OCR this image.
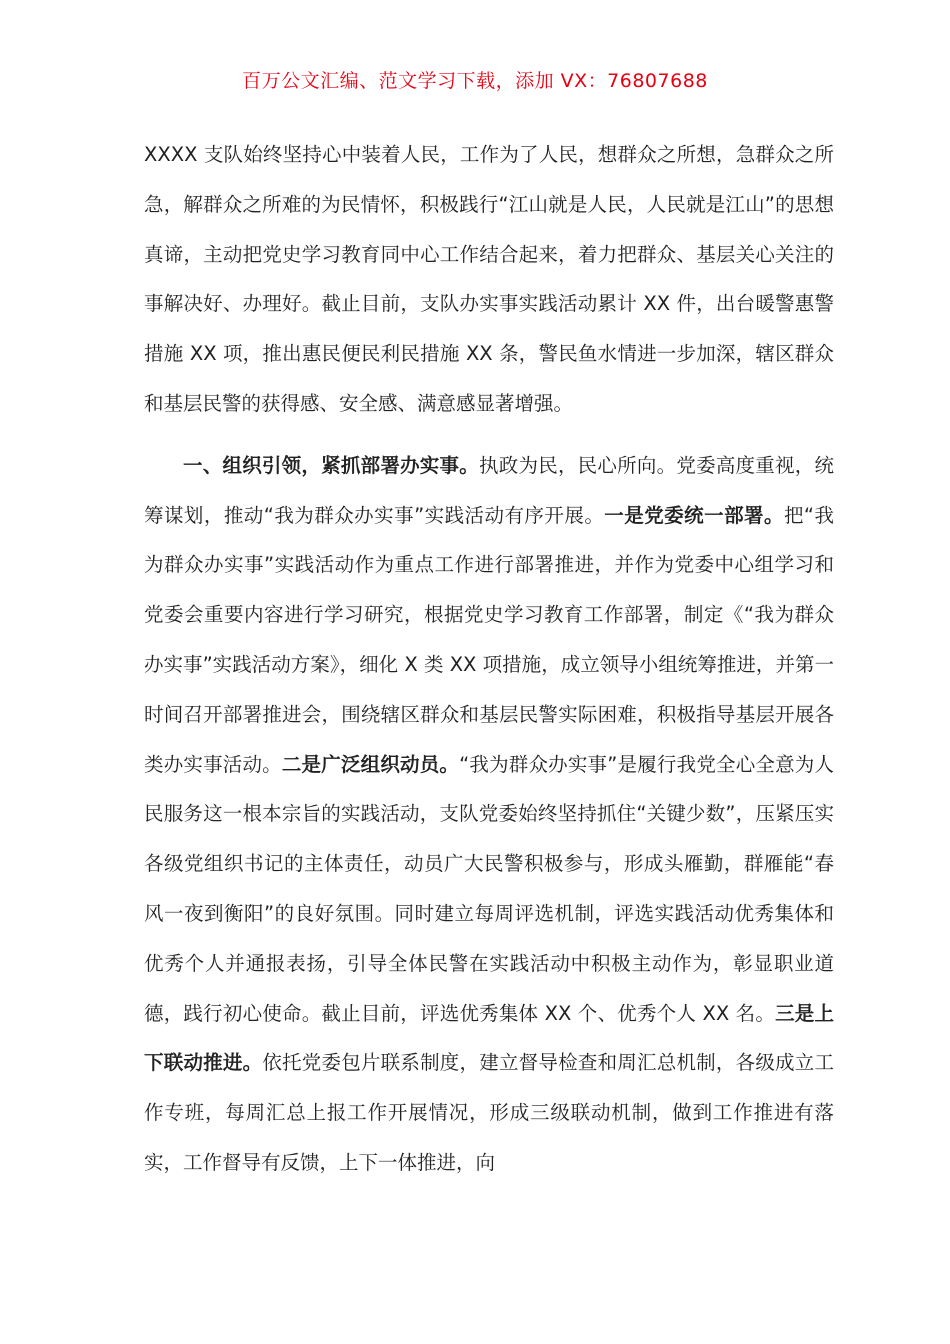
百万公文汇编、范文学习下载，添加 VX：76807688

XXXX 支队始终坚持心中装着人民，工作为了人民，想群众之所想，急群众之所急，解群众之所难的为民情怀，积极践行“江山就是人民，人民就是江山”的思想真谛，主动把党史学习教育同中心工作结合起来，着力把群众、基层关心关注的事解决好、办理好。截止目前，支队办实事实践活动累计 XX 件，出台暖警惠警措施 XX 项，推出惠民便民利民措施 XX 条，警民鱼水情进一步加深，辖区群众和基层民警的获得感、安全感、满意感显著增强。

一、组织引领，紧抓部署办实事。执政为民，民心所向。党委高度重视，统筹谋划，推动“我为群众办实事”实践活动有序开展。一是党委统一部署。把“我为群众办实事”实践活动作为重点工作进行部署推进，并作为党委中心组学习和党委会重要内容进行学习研究，根据党史学习教育工作部署，制定《“我为群众办实事”实践活动方案》，细化 X 类 XX 项措施，成立领导小组统筹推进，并第一时间召开部署推进会，围绕辖区群众和基层民警实际困难，积极指导基层开展各类办实事活动。二是广泛组织动员。“我为群众办实事”是履行我党全心全意为人民服务这一根本宗旨的实践活动，支队党委始终坚持抓住“关键少数”，压紧压实各级党组织书记的主体责任，动员广大民警积极参与，形成头雁勤，群雁能“春风一夜到衡阳”的良好氛围。同时建立每周评选机制，评选实践活动优秀集体和优秀个人并通报表扬，引导全体民警在实践活动中积极主动作为，彰显职业道德，践行初心使命。截止目前，评选优秀集体 XX 个、优秀个人 XX 名。三是上下联动推进。依托党委包片联系制度，建立督导检查和周汇总机制，各级成立工作专班，每周汇总上报工作开展情况，形成三级联动机制，做到工作推进有落实，工作督导有反馈，上下一体推进，向
